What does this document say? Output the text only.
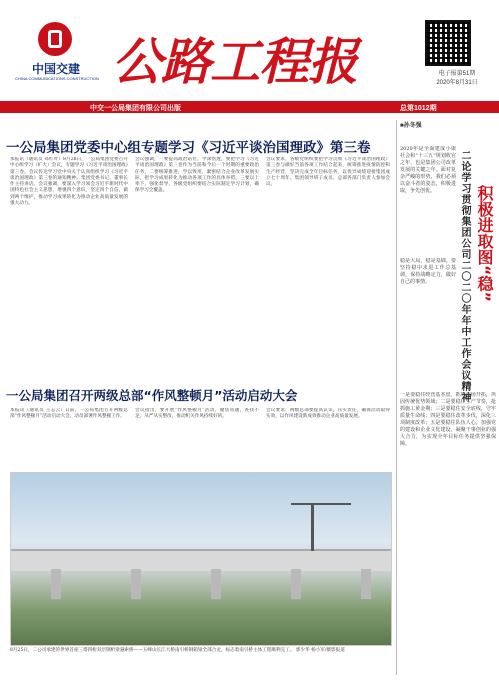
中国交建
CHINA COMMUNICATIONS CONSTRUCTION 公路工程报	电子报第51期
2020年8月31日
中交一公局集团有限公司出版	总第1012期
一公局集团党委中心组专题学习《习近平谈治国理政》第三卷
本报讯（通讯员 邓红叶）8月28日，一公局集团党委召开中心组学习（扩大）会议，专题学习《习近平谈治国理政》第三卷。会议传达学习党中央关于认真组织学习《习近平谈治国理政》第三卷的通知精神。集团党委书记、董事长作主持讲话。会议强调，要深入学习领会习近平新时代中国特色社会主义思想，增强四个意识，坚定四个自信，做到两个维护，推动学习成果转化为推动企业高质量发展的强大动力。
会议强调，一要提高政治站位，学深悟透，要把学习《习近平谈治国理政》第三卷作为当前和今后一个时期的重要政治任务，二要统筹推进，学以致用，紧密结合企业改革发展实际，把学习成果转化为推动各项工作的具体举措，三要以上率下，强化督导，各级党组织要结合实际制定学习计划，确保学习全覆盖。
会议要求，各级党组织要把学习贯彻《习近平谈治国理政》第三卷与做好当前各项工作结合起来，统筹推进疫情防控和生产经营，坚决完成全年目标任务，以优异成绩迎接集团成立七十周年。集团领导班子成员、总部各部门负责人参加会议。
一公局集团召开两级总部“作风整顿月”活动启动大会
本报讯（通讯员 王志云）日前，一公局集团召开两级总部“作风整顿月”活动启动大会，动员部署作风整顿工作。
会议指出，要开展“作风整顿月”活动，聚焦问题，查找不足，从严从实整改，推动机关作风持续好转。
会议要求，两级总部要提高认识，压实责任，确保活动取得实效，以作风建设新成效推动企业高质量发展。
8月25日，二公司承建的世界首座三塔四桁双层钢桁梁悬索桥——五峰山长江大桥南引桥钢箱梁全部合龙，标志着南引桥主体工程顺利完工。 郭少华 杨小军/摄影报道
■孙冬强
2020年是全面建成小康社会和“十三五”规划收官之年，也是集团公司改革发展的关键之年。面对复杂严峻的形势，我们必须以奋斗者的姿态，积极进取，争先创优。	二论学习贯彻集团公司二〇二〇年年中工作会议精神 积极进取图“稳”
稳是大局，稳是基础。要坚持稳中求进工作总基调，保持战略定力，做好自己的事情。
一是要稳住经营基本盘，抓好市场开拓，巩固传统优势领域；二是要稳住生产节奏，抢抓施工黄金期；三是要稳住安全底线，守牢质量生命线；四是要稳住改革步伐，深化三项制度改革；五是要稳住队伍人心，加强党的建设和企业文化建设，凝聚干事创业的强大合力，为实现全年目标任务提供坚强保障。
